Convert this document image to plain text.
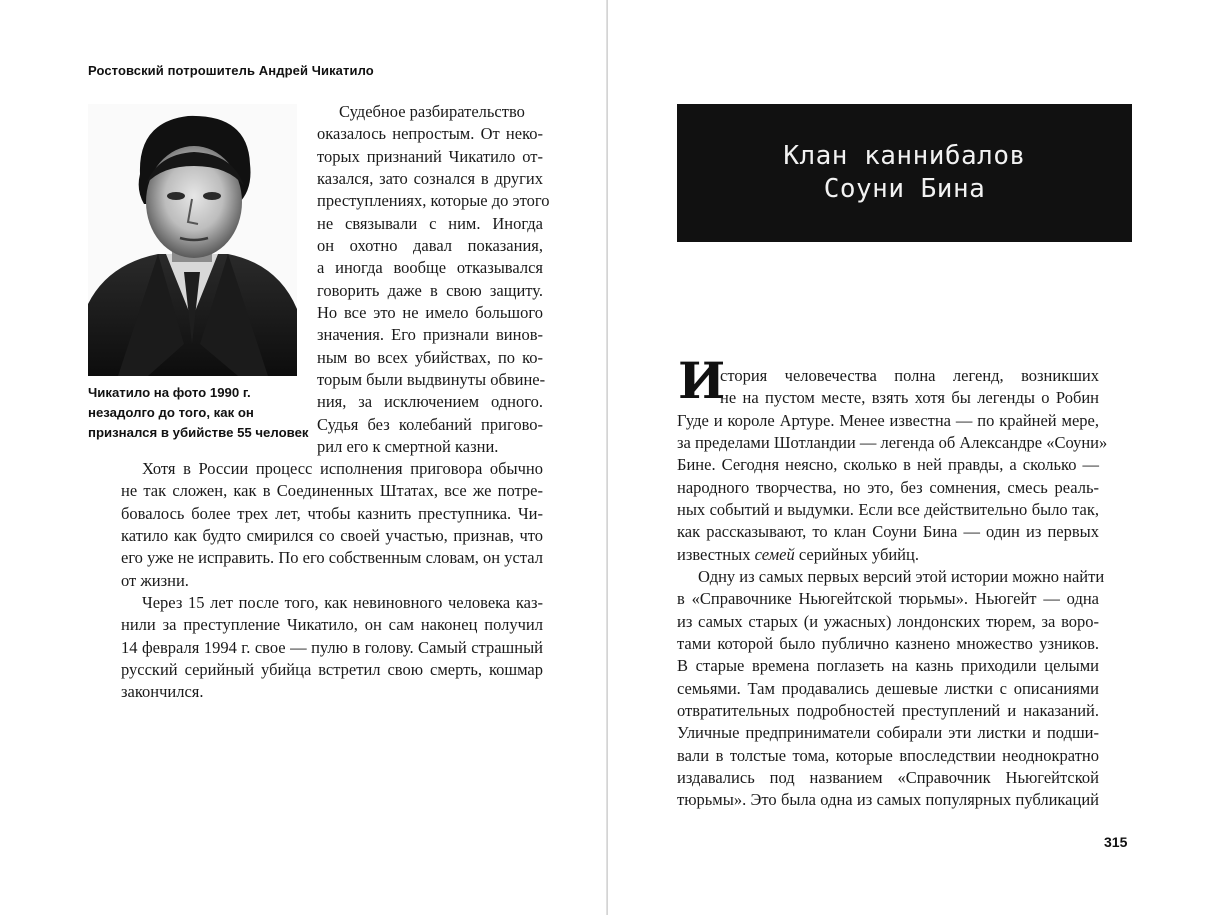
Ростовский потрошитель Андрей Чикатило
Чикатило на фото 1990 г.
незадолго до того, как он
признался в убийстве 55 человек
Судебное разбирательство
оказалось непростым. От неко-
торых признаний Чикатило от-
казался, зато сознался в других
преступлениях, которые до этого
не связывали с ним. Иногда
он охотно давал показания,
а иногда вообще отказывался
говорить даже в свою защиту.
Но все это не имело большого
значения. Его признали винов-
ным во всех убийствах, по ко-
торым были выдвинуты обвине-
ния, за исключением одного.
Судья без колебаний пригово-
рил его к смертной казни.
Хотя в России процесс исполнения приговора обычно
не так сложен, как в Соединенных Штатах, все же потре-
бовалось более трех лет, чтобы казнить преступника. Чи-
катило как будто смирился со своей участью, признав, что
его уже не исправить. По его собственным словам, он устал
от жизни.
Через 15 лет после того, как невиновного человека каз-
нили за преступление Чикатило, он сам наконец получил
14 февраля 1994 г. свое — пулю в голову. Самый страшный
русский серийный убийца встретил свою смерть, кошмар
закончился.
Клан каннибалов
Соуни Бина
И
стория человечества полна легенд, возникших
не на пустом месте, взять хотя бы легенды о Робин
Гуде и короле Артуре. Менее известна — по крайней мере,
за пределами Шотландии — легенда об Александре «Соуни»
Бине. Сегодня неясно, сколько в ней правды, а сколько —
народного творчества, но это, без сомнения, смесь реаль-
ных событий и выдумки. Если все действительно было так,
как рассказывают, то клан Соуни Бина — один из первых
известных семей серийных убийц.
Одну из самых первых версий этой истории можно найти
в «Справочнике Ньюгейтской тюрьмы». Ньюгейт — одна
из самых старых (и ужасных) лондонских тюрем, за воро-
тами которой было публично казнено множество узников.
В старые времена поглазеть на казнь приходили целыми
семьями. Там продавались дешевые листки с описаниями
отвратительных подробностей преступлений и наказаний.
Уличные предприниматели собирали эти листки и подши-
вали в толстые тома, которые впоследствии неоднократно
издавались под названием «Справочник Ньюгейтской
тюрьмы». Это была одна из самых популярных публикаций
315
